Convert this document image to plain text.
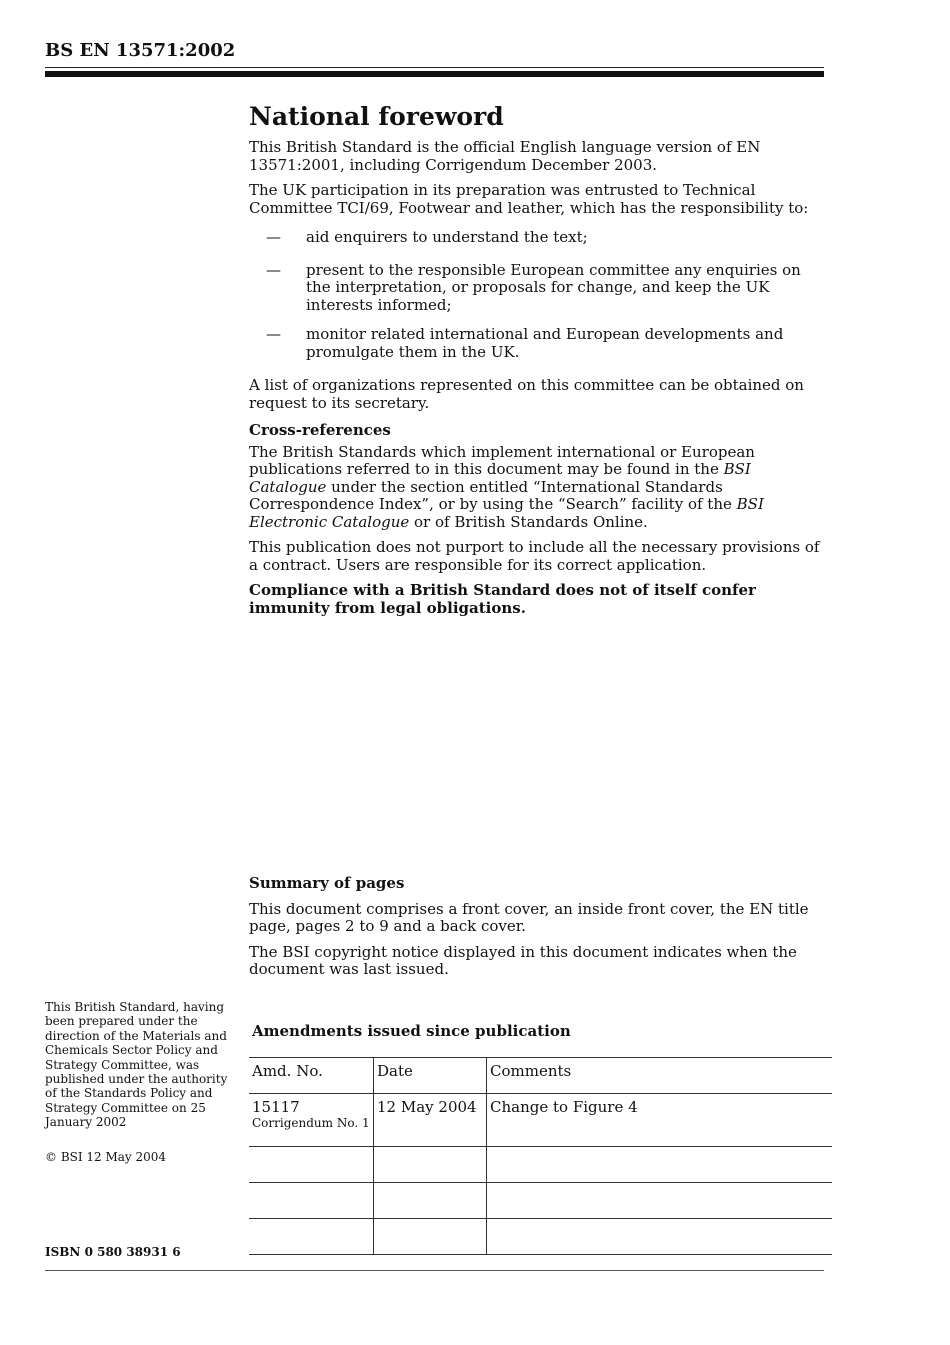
BS EN 13571:2002
National foreword

This British Standard is the official English language version of EN 13571:2001, including Corrigendum December 2003.

The UK participation in its preparation was entrusted to Technical Committee TCI/69, Footwear and leather, which has the responsibility to:

— aid enquirers to understand the text;
— present to the responsible European committee any enquiries on the interpretation, or proposals for change, and keep the UK interests informed;
— monitor related international and European developments and promulgate them in the UK.

A list of organizations represented on this committee can be obtained on request to its secretary.

Cross-references

The British Standards which implement international or European publications referred to in this document may be found in the BSI Catalogue under the section entitled “International Standards Correspondence Index”, or by using the “Search” facility of the BSI Electronic Catalogue or of British Standards Online.

This publication does not purport to include all the necessary provisions of a contract. Users are responsible for its correct application.

Compliance with a British Standard does not of itself confer immunity from legal obligations.

Summary of pages

This document comprises a front cover, an inside front cover, the EN title page, pages 2 to 9 and a back cover.

The BSI copyright notice displayed in this document indicates when the document was last issued.

This British Standard, having been prepared under the direction of the Materials and Chemicals Sector Policy and Strategy Committee, was published under the authority of the Standards Policy and Strategy Committee on 25 January 2002

© BSI 12 May 2004

ISBN 0 580 38931 6
Amendments issued since publication
Amd. No.	Date	Comments

15117
Corrigendum No. 1	12 May 2004	Change to Figure 4
